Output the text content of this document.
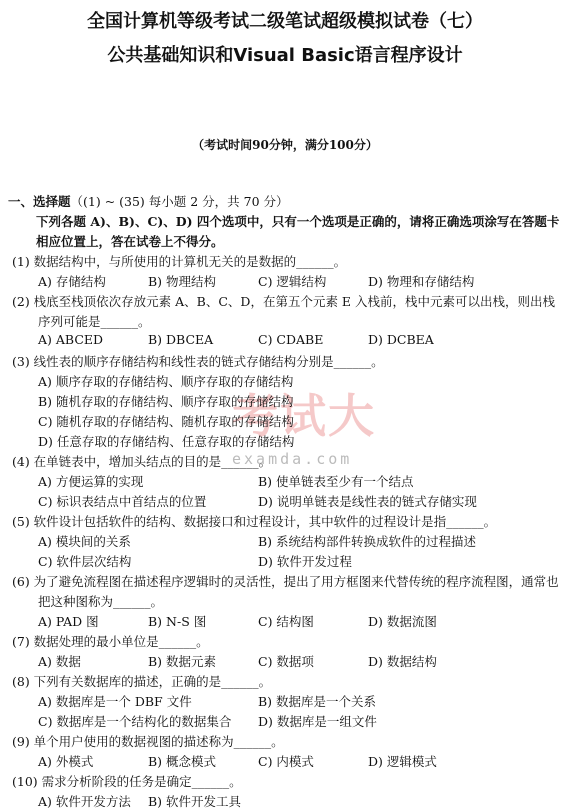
全国计算机等级考试二级笔试超级模拟试卷（七）
公共基础知识和Visual Basic语言程序设计
（考试时间90分钟，满分100分）
考试大
examda.com
一、选择题（(1) ~ (35) 每小题 2 分，共 70 分）
下列各题 A)、B)、C)、D) 四个选项中，只有一个选项是正确的，请将正确选项涂写在答题卡
相应位置上，答在试卷上不得分。
(1) 数据结构中，与所使用的计算机无关的是数据的______。
A) 存储结构	B) 物理结构	C) 逻辑结构	D) 物理和存储结构
(2) 栈底至栈顶依次存放元素 A、B、C、D，在第五个元素 E 入栈前，栈中元素可以出栈，则出栈
序列可能是______。
A) ABCED	B) DBCEA	C) CDABE	D) DCBEA
(3) 线性表的顺序存储结构和线性表的链式存储结构分别是______。
A) 顺序存取的存储结构、顺序存取的存储结构
B) 随机存取的存储结构、顺序存取的存储结构
C) 随机存取的存储结构、随机存取的存储结构
D) 任意存取的存储结构、任意存取的存储结构
(4) 在单链表中，增加头结点的目的是______。
A) 方便运算的实现	B) 使单链表至少有一个结点
C) 标识表结点中首结点的位置	D) 说明单链表是线性表的链式存储实现
(5) 软件设计包括软件的结构、数据接口和过程设计，其中软件的过程设计是指______。
A) 模块间的关系	B) 系统结构部件转换成软件的过程描述
C) 软件层次结构	D) 软件开发过程
(6) 为了避免流程图在描述程序逻辑时的灵活性，提出了用方框图来代替传统的程序流程图，通常也
把这种图称为______。
A) PAD 图	B) N-S 图	C) 结构图	D) 数据流图
(7) 数据处理的最小单位是______。
A) 数据	B) 数据元素	C) 数据项	D) 数据结构
(8) 下列有关数据库的描述，正确的是______。
A) 数据库是一个 DBF 文件	B) 数据库是一个关系
C) 数据库是一个结构化的数据集合 D) 数据库是一组文件
(9) 单个用户使用的数据视图的描述称为______。
A) 外模式	B) 概念模式	C) 内模式	D) 逻辑模式
(10) 需求分析阶段的任务是确定______。
A) 软件开发方法 B) 软件开发工具
